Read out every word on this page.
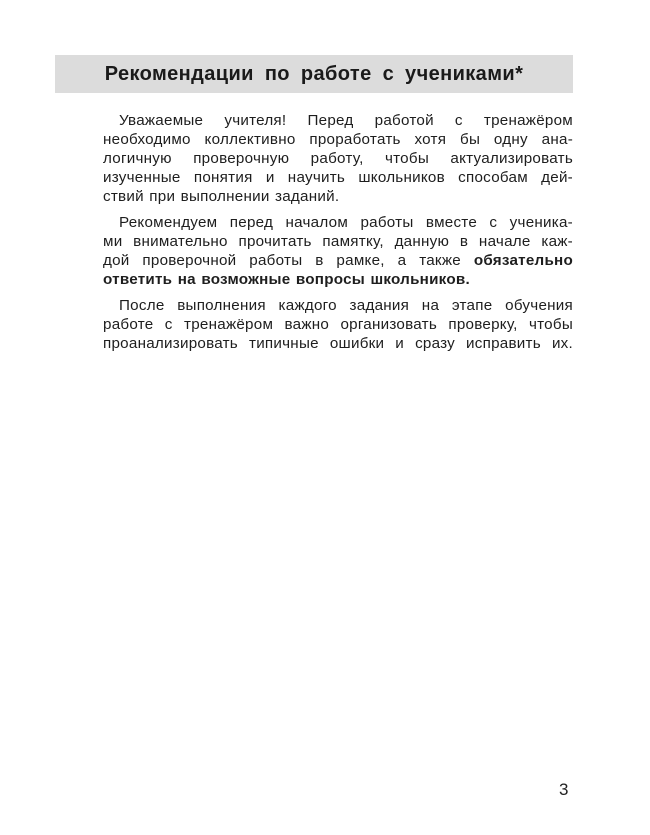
Рекомендации по работе с учениками*
Уважаемые учителя! Перед работой с тренажёром
необходимо коллективно проработать хотя бы одну ана-
логичную проверочную работу, чтобы актуализировать
изученные понятия и научить школьников способам дей-
ствий при выполнении заданий.
Рекомендуем перед началом работы вместе с ученика-
ми внимательно прочитать памятку, данную в начале каж-
дой проверочной работы в рамке, а также обязательно
ответить на возможные вопросы школьников.
После выполнения каждого задания на этапе обучения
работе с тренажёром важно организовать проверку, чтобы
проанализировать типичные ошибки и сразу исправить их.
3
